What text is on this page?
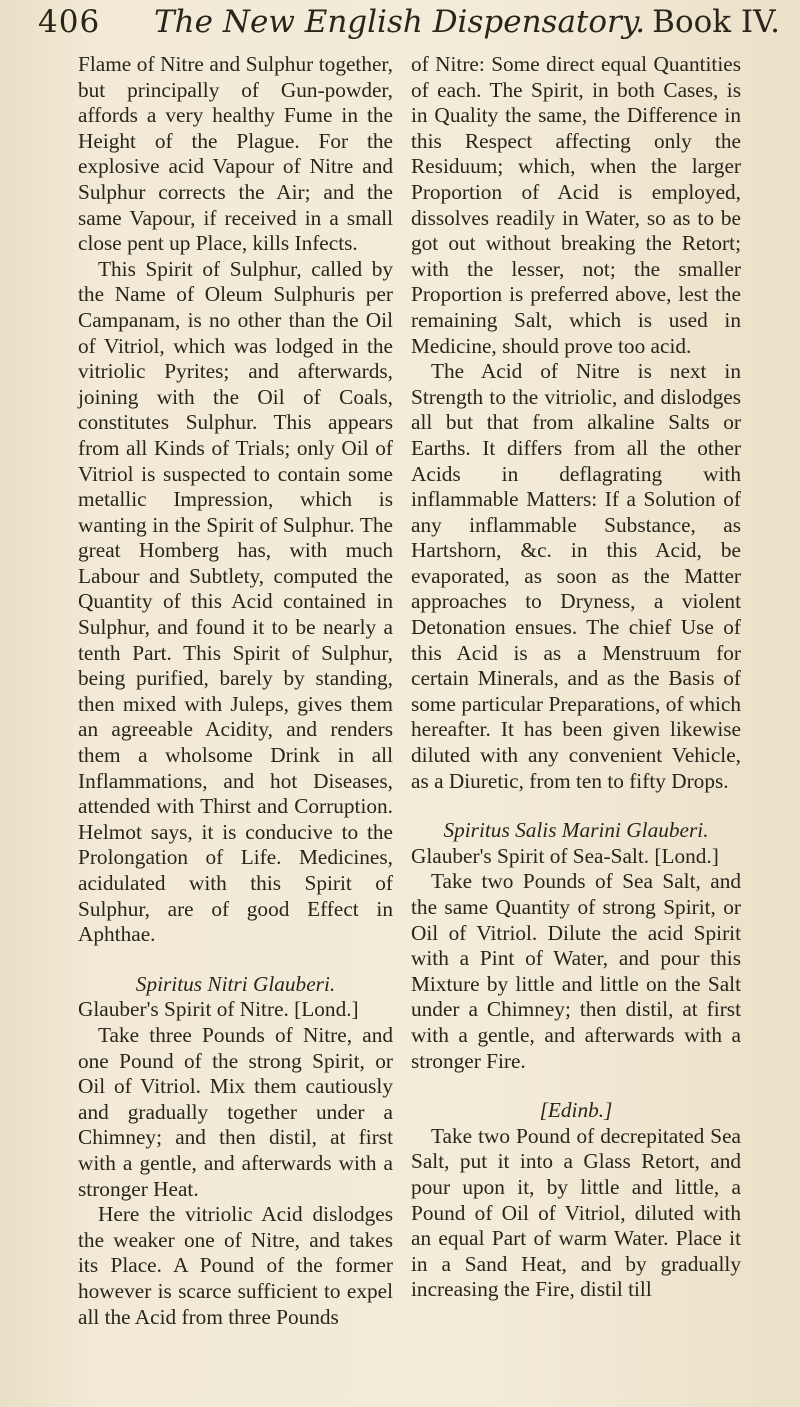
406	The New English Dispensatory. Book IV.

Flame of Nitre and Sulphur together, but principally of Gun-powder, affords a very healthy Fume in the Height of the Plague. For the explosive acid Vapour of Nitre and Sulphur corrects the Air; and the same Vapour, if received in a small close pent up Place, kills Infects.

This Spirit of Sulphur, called by the Name of Oleum Sulphuris per Campanam, is no other than the Oil of Vitriol, which was lodged in the vitriolic Pyrites; and afterwards, joining with the Oil of Coals, constitutes Sulphur. This appears from all Kinds of Trials; only Oil of Vitriol is suspected to contain some metallic Impression, which is wanting in the Spirit of Sulphur. The great Homberg has, with much Labour and Subtlety, computed the Quantity of this Acid contained in Sulphur, and found it to be nearly a tenth Part. This Spirit of Sulphur, being purified, barely by standing, then mixed with Juleps, gives them an agreeable Acidity, and renders them a wholsome Drink in all Inflammations, and hot Diseases, attended with Thirst and Corruption. Helmot says, it is conducive to the Prolongation of Life. Medicines, acidulated with this Spirit of Sulphur, are of good Effect in Aphthae.

Spiritus Nitri Glauberi.

Glauber's Spirit of Nitre. [Lond.]

Take three Pounds of Nitre, and one Pound of the strong Spirit, or Oil of Vitriol. Mix them cautiously and gradually together under a Chimney; and then distil, at first with a gentle, and afterwards with a stronger Heat.

Here the vitriolic Acid dislodges the weaker one of Nitre, and takes its Place. A Pound of the former however is scarce sufficient to expel all the Acid from three Pounds

of Nitre: Some direct equal Quantities of each. The Spirit, in both Cases, is in Quality the same, the Difference in this Respect affecting only the Residuum; which, when the larger Proportion of Acid is employed, dissolves readily in Water, so as to be got out without breaking the Retort; with the lesser, not; the smaller Proportion is preferred above, lest the remaining Salt, which is used in Medicine, should prove too acid.

The Acid of Nitre is next in Strength to the vitriolic, and dislodges all but that from alkaline Salts or Earths. It differs from all the other Acids in deflagrating with inflammable Matters: If a Solution of any inflammable Substance, as Hartshorn, &c. in this Acid, be evaporated, as soon as the Matter approaches to Dryness, a violent Detonation ensues. The chief Use of this Acid is as a Menstruum for certain Minerals, and as the Basis of some particular Preparations, of which hereafter. It has been given likewise diluted with any convenient Vehicle, as a Diuretic, from ten to fifty Drops.

Spiritus Salis Marini Glauberi.

Glauber's Spirit of Sea-Salt. [Lond.]

Take two Pounds of Sea Salt, and the same Quantity of strong Spirit, or Oil of Vitriol. Dilute the acid Spirit with a Pint of Water, and pour this Mixture by little and little on the Salt under a Chimney; then distil, at first with a gentle, and afterwards with a stronger Fire.

[Edinb.]

Take two Pound of decrepitated Sea Salt, put it into a Glass Retort, and pour upon it, by little and little, a Pound of Oil of Vitriol, diluted with an equal Part of warm Water. Place it in a Sand Heat, and by gradually increasing the Fire, distil till
